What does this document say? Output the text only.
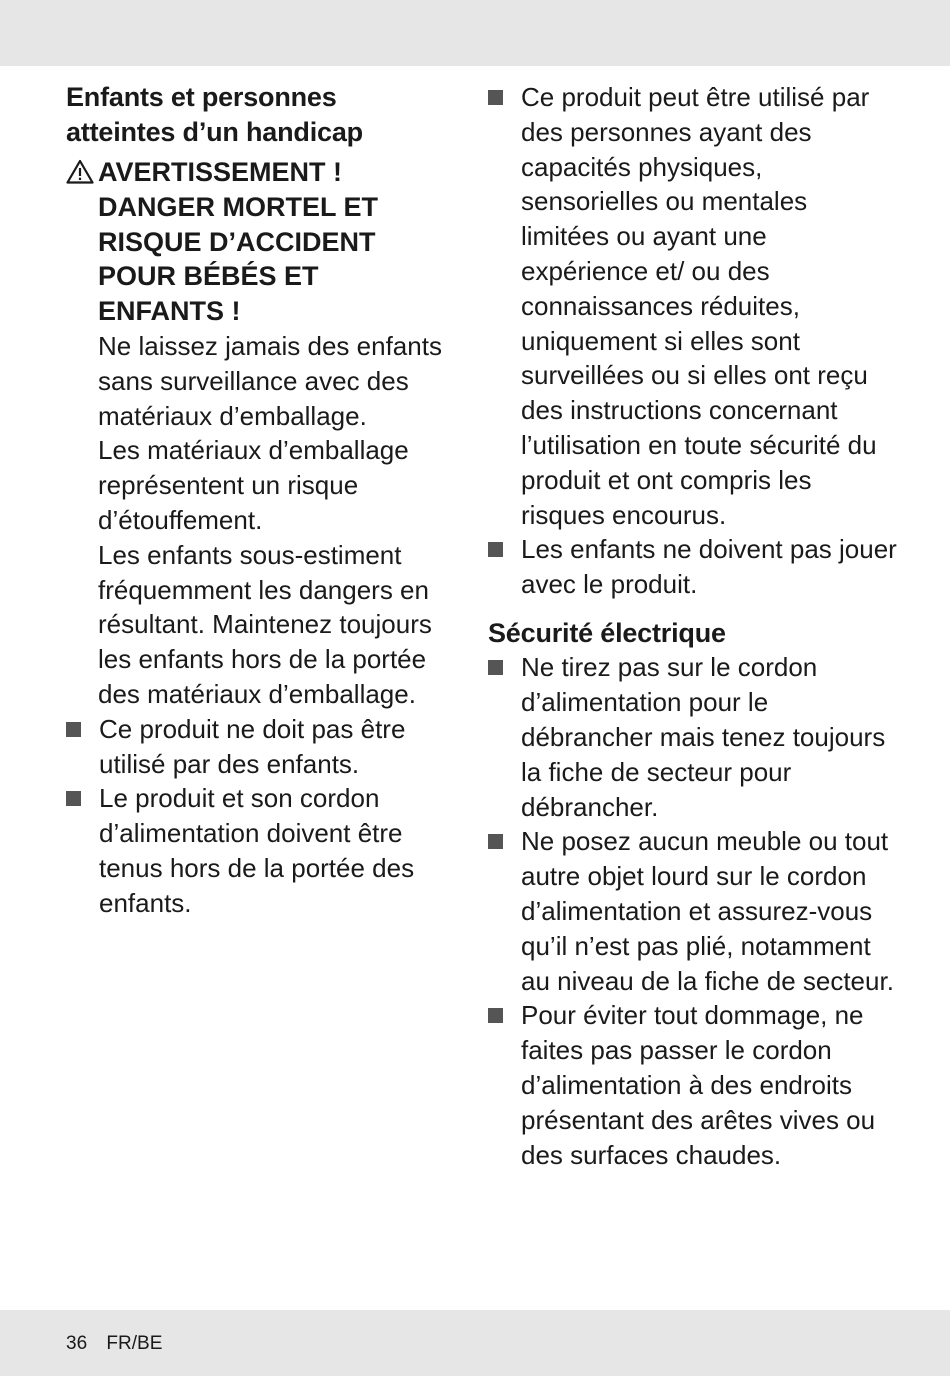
Enfants et personnes atteintes d’un handicap
AVERTISSEMENT ! DANGER MORTEL ET RISQUE D’ACCIDENT POUR BÉBÉS ET ENFANTS !

Ne laissez jamais des enfants sans surveillance avec des matériaux d’emballage.

Les matériaux d’emballage représentent un risque d’étouffement.

Les enfants sous-estiment fréquemment les dangers en résultant. Maintenez toujours les enfants hors de la portée des matériaux d’emballage.

Ce produit ne doit pas être utilisé par des enfants.
Le produit et son cordon d’alimentation doivent être tenus hors de la portée des enfants.
Ce produit peut être utilisé par des personnes ayant des capacités physiques, sensorielles ou mentales limitées ou ayant une expérience et/ ou des connaissances réduites, uniquement si elles sont surveillées ou si elles ont reçu des instructions concernant l’utilisation en toute sécurité du produit et ont compris les risques encourus.
Les enfants ne doivent pas jouer avec le produit.
Sécurité électrique
Ne tirez pas sur le cordon d’alimentation pour le débrancher mais tenez toujours la fiche de secteur pour débrancher.
Ne posez aucun meuble ou tout autre objet lourd sur le cordon d’alimentation et assurez-vous qu’il n’est pas plié, notamment au niveau de la fiche de secteur.
Pour éviter tout dommage, ne faites pas passer le cordon d’alimentation à des endroits présentant des arêtes vives ou des surfaces chaudes.
36 FR/BE
